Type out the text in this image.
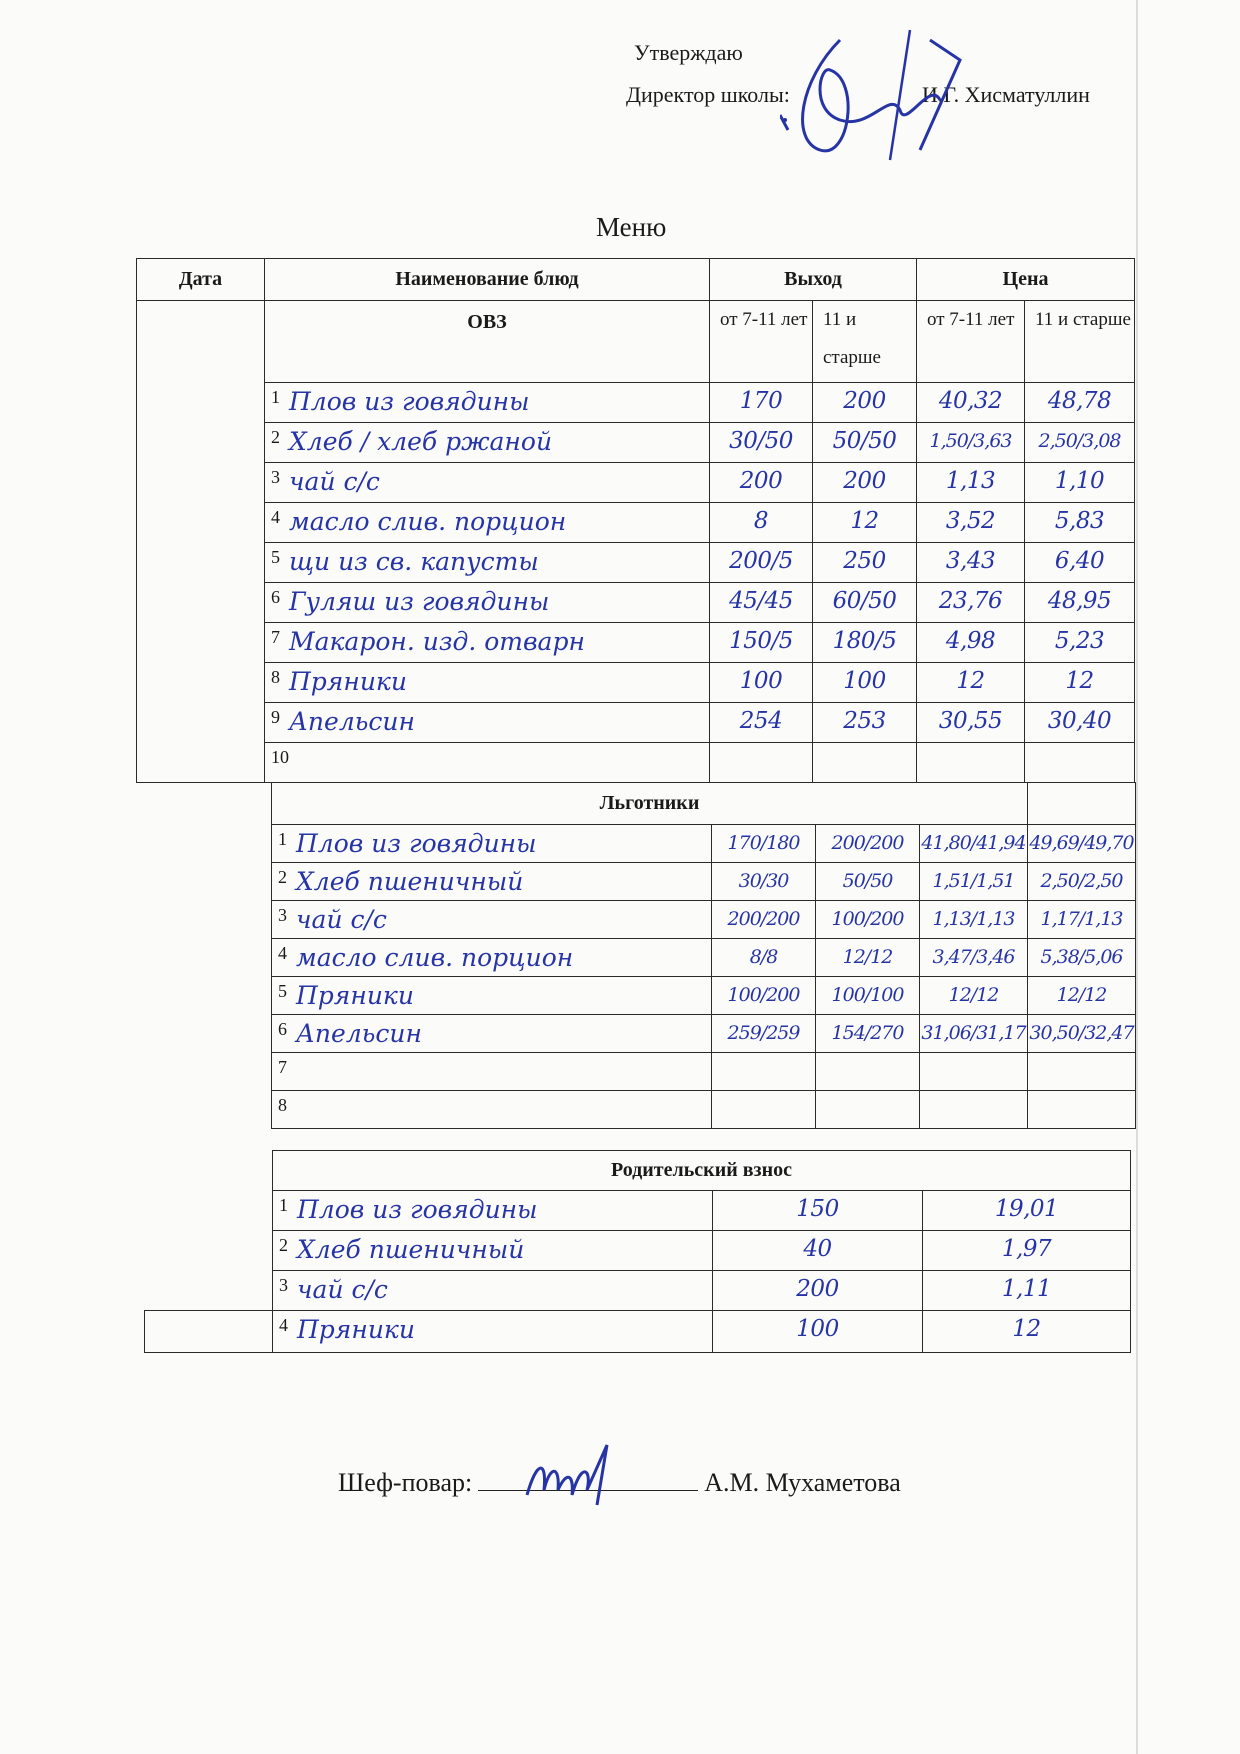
Утверждаю
Директор школы:	И.Г. Хисматуллин
Меню
Дата	Наименование блюд	Выход		Цена	
	ОВЗ	от 7-11 лет	11 и старше	от 7-11 лет	11 и старше

	1 Плов из говядины	170	200	40,32	48,78

	2 Хлеб / хлеб ржаной	30/50	50/50	1,50/3,63	2,50/3,08

	3 чай с/с	200	200	1,13	1,10

	4 масло слив. порцион	8	12	3,52	5,83

	5 щи из св. капусты	200/5	250	3,43	6,40

	6 Гуляш из говядины	45/45	60/50	23,76	48,95

	7 Макарон. изд. отварн	150/5	180/5	4,98	5,23

	8 Пряники	100	100	12	12

	9 Апельсин	254	253	30,55	30,40

	10				

Льготники				

1 Плов из говядины	170/180	200/200	41,80/41,94	49,69/49,70

2 Хлеб пшеничный	30/30	50/50	1,51/1,51	2,50/2,50

3 чай с/с	200/200	100/200	1,13/1,13	1,17/1,13

4 масло слив. порцион	8/8	12/12	3,47/3,46	5,38/5,06

5 Пряники	100/200	100/100	12/12	12/12

6 Апельсин	259/259	154/270	31,06/31,17	30,50/32,47

7				

8				

	Родительский взнос		

	1 Плов из говядины	150	19,01

	2 Хлеб пшеничный	40	1,97

	3 чай с/с	200	1,11

	4 Пряники	100	12
Шеф-повар:	А.М. Мухаметова
